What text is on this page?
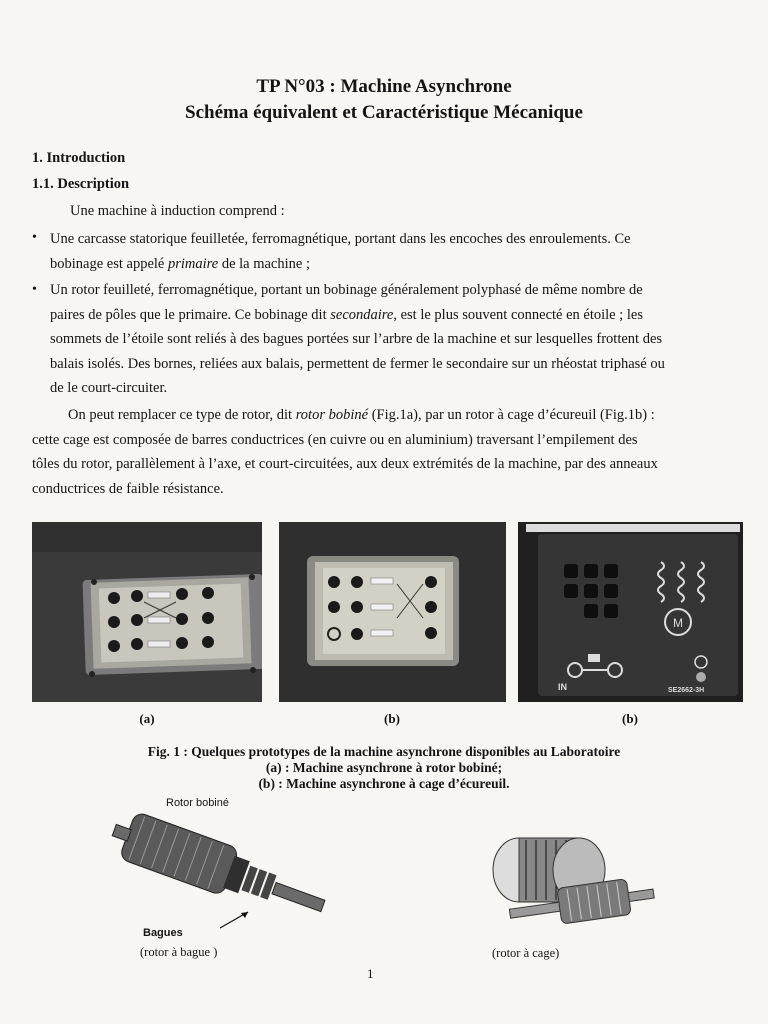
TP N°03 : Machine Asynchrone
Schéma équivalent et Caractéristique Mécanique
1. Introduction
1.1. Description
Une machine à induction comprend :
• Une carcasse statorique feuilletée, ferromagnétique, portant dans les encoches des enroulements. Ce
bobinage est appelé primaire de la machine ;
• Un rotor feuilleté, ferromagnétique, portant un bobinage généralement polyphasé de même nombre de
paires de pôles que le primaire. Ce bobinage dit secondaire, est le plus souvent connecté en étoile ; les
sommets de l’étoile sont reliés à des bagues portées sur l’arbre de la machine et sur lesquelles frottent des
balais isolés. Des bornes, reliées aux balais, permettent de fermer le secondaire sur un rhéostat triphasé ou
de le court-circuiter.
On peut remplacer ce type de rotor, dit rotor bobiné (Fig.1a), par un rotor à cage d’écureuil (Fig.1b) :
cette cage est composée de barres conductrices (en cuivre ou en aluminium) traversant l’empilement des
tôles du rotor, parallèlement à l’axe, et court-circuitées, aux deux extrémités de la machine, par des anneaux
conductrices de faible résistance.
M
IN	SE2662-3H
(a)	(b)	(b)
Fig. 1 : Quelques prototypes de la machine asynchrone disponibles au Laboratoire
(a) : Machine asynchrone à rotor bobiné;
(b) : Machine asynchrone à cage d’écureuil.
Rotor bobiné
Bagues
(rotor à bague )	(rotor à cage)
1
